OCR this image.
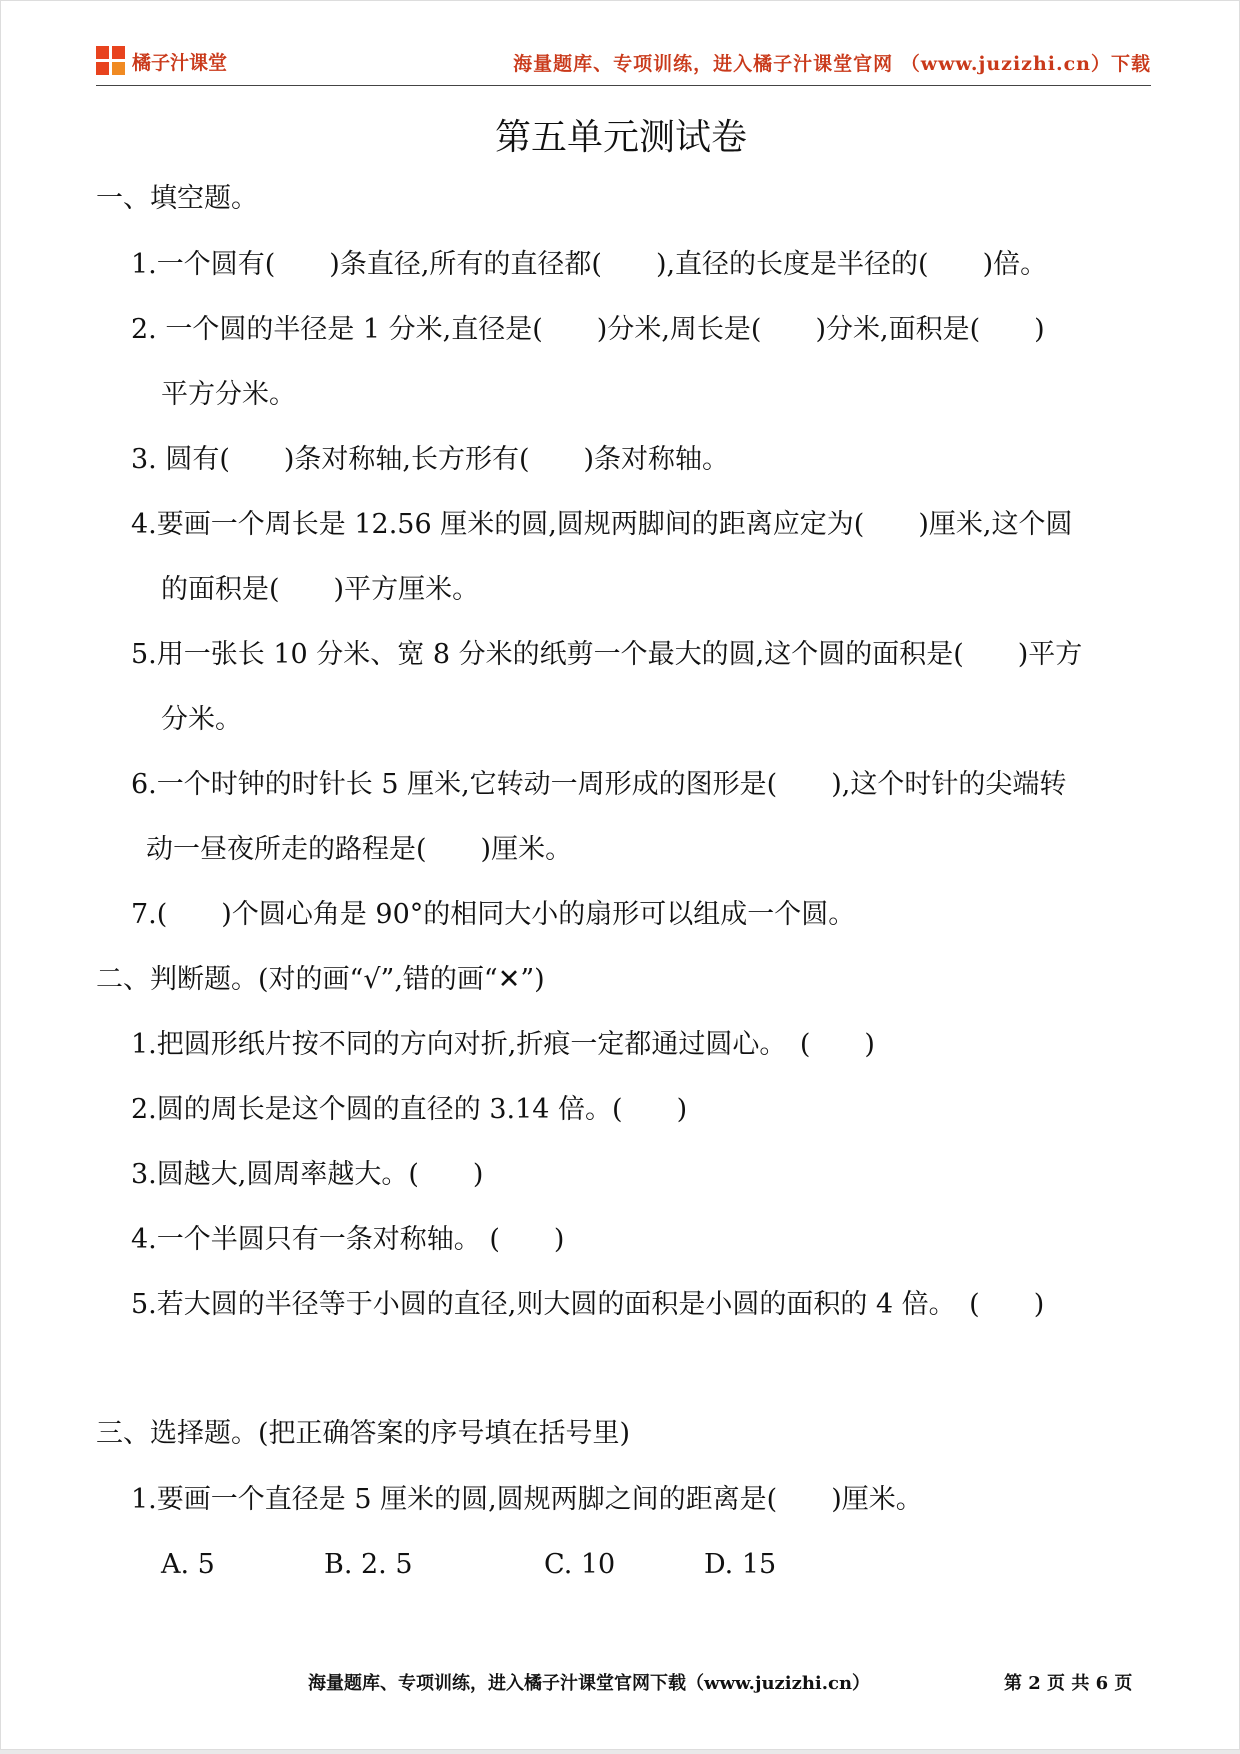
橘子汁课堂	海量题库、专项训练，进入橘子汁课堂官网 （www.juzizhi.cn）下载
第五单元测试卷
一、填空题。
1.一个圆有(　　)条直径,所有的直径都(　　),直径的长度是半径的(　　)倍。
2. 一个圆的半径是 1 分米,直径是(　　)分米,周长是(　　)分米,面积是(　　)
平方分米。
3. 圆有(　　)条对称轴,长方形有(　　)条对称轴。
4.要画一个周长是 12.56 厘米的圆,圆规两脚间的距离应定为(　　)厘米,这个圆
的面积是(　　)平方厘米。
5.用一张长 10 分米、宽 8 分米的纸剪一个最大的圆,这个圆的面积是(　　)平方
分米。
6.一个时钟的时针长 5 厘米,它转动一周形成的图形是(　　),这个时针的尖端转
动一昼夜所走的路程是(　　)厘米。
7.(　　)个圆心角是 90°的相同大小的扇形可以组成一个圆。
二、判断题。(对的画“√”,错的画“✕”)
1.把圆形纸片按不同的方向对折,折痕一定都通过圆心。　(　　)
2.圆的周长是这个圆的直径的 3.14 倍。(　　)
3.圆越大,圆周率越大。(　　)
4.一个半圆只有一条对称轴。 (　　)
5.若大圆的半径等于小圆的直径,则大圆的面积是小圆的面积的 4 倍。　(　　)
三、选择题。(把正确答案的序号填在括号里)
1.要画一个直径是 5 厘米的圆,圆规两脚之间的距离是(　　)厘米。
A. 5	B. 2. 5	C. 10	D. 15
海量题库、专项训练，进入橘子汁课堂官网下载（www.juzizhi.cn）	第 2 页 共 6 页
